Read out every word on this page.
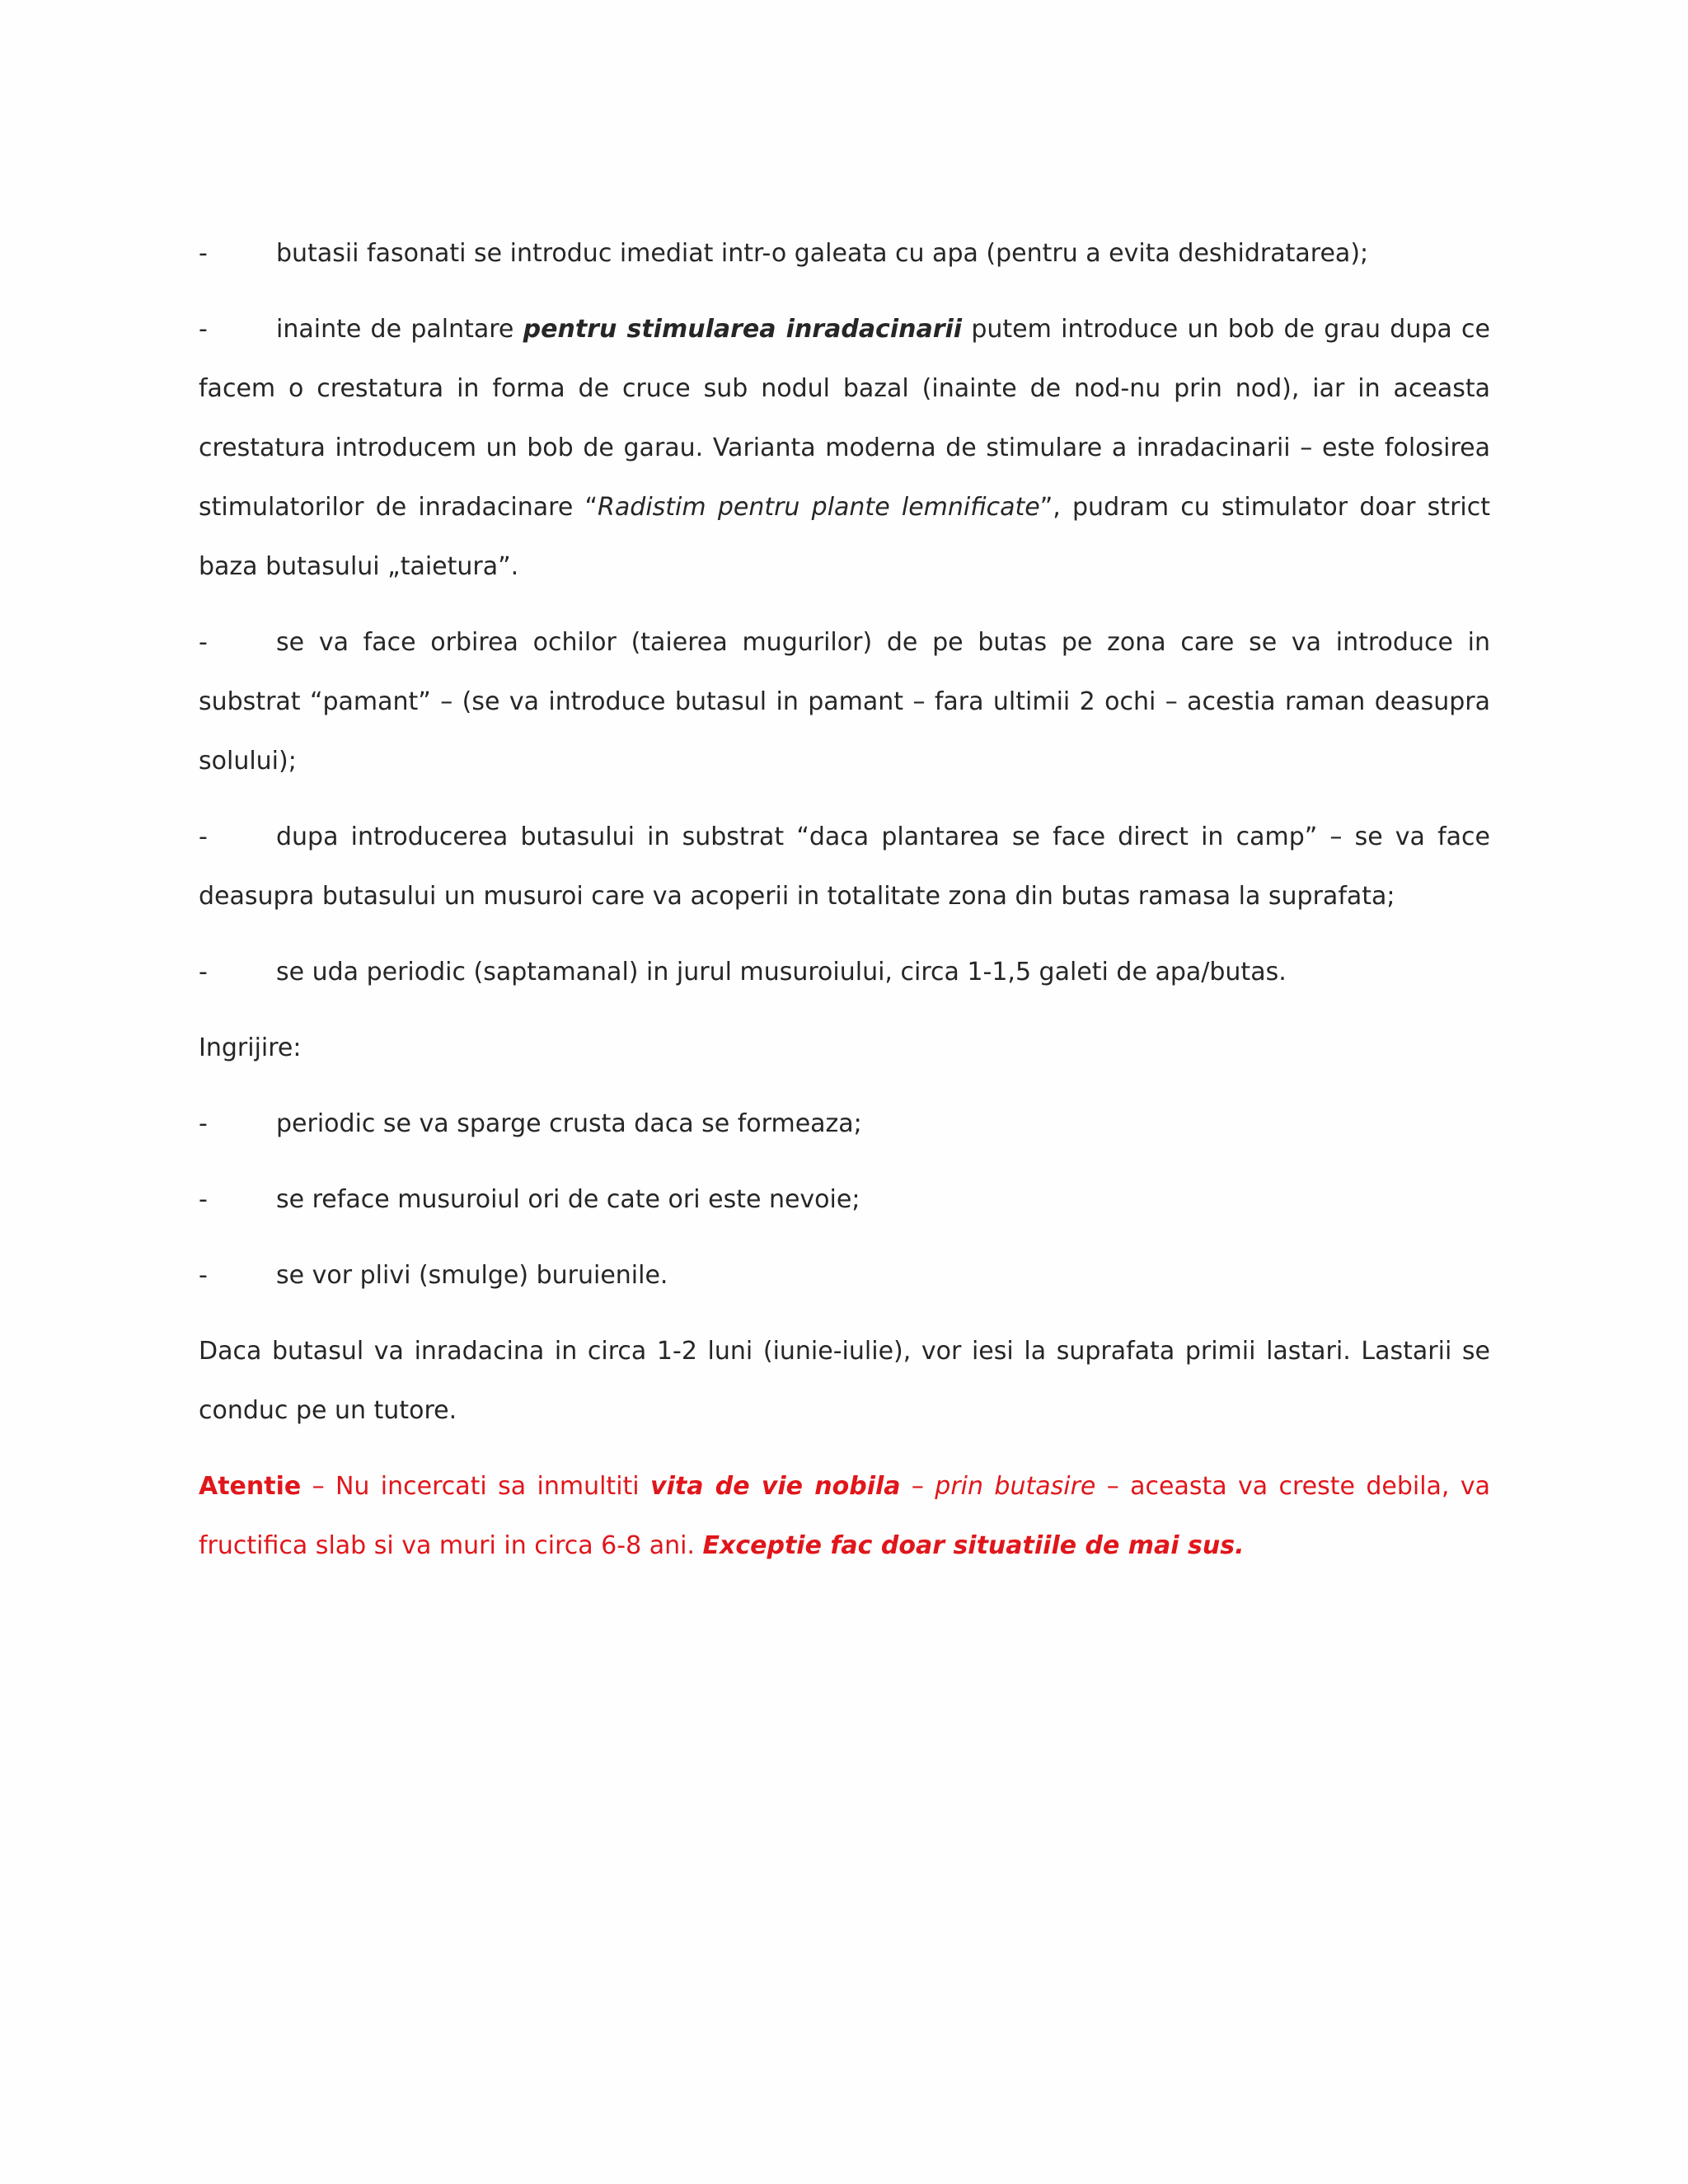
-	butasii fasonati se introduc imediat intr-o galeata cu apa (pentru a evita deshidratarea);
-	inainte de palntare pentru stimularea inradacinarii putem introduce un bob de grau dupa ce facem o crestatura in forma de cruce sub nodul bazal (inainte de nod-nu prin nod), iar in aceasta crestatura introducem un bob de garau. Varianta moderna de stimulare a inradacinarii – este folosirea stimulatorilor de inradacinare “Radistim pentru plante lemnificate”, pudram cu stimulator doar strict baza butasului „taietura”.
-	se va face orbirea ochilor (taierea mugurilor) de pe butas pe zona care se va introduce in substrat “pamant” – (se va introduce butasul in pamant – fara ultimii 2 ochi – acestia raman deasupra solului);
-	dupa introducerea butasului in substrat “daca plantarea se face direct in camp” – se va face deasupra butasului un musuroi care va acoperii in totalitate zona din butas ramasa la suprafata;
-	se uda periodic (saptamanal) in jurul musuroiului, circa 1-1,5 galeti de apa/butas.
Ingrijire:
-	periodic se va sparge crusta daca se formeaza;
-	se reface musuroiul ori de cate ori este nevoie;
-	se vor plivi (smulge) buruienile.
Daca butasul va inradacina in circa 1-2 luni (iunie-iulie), vor iesi la suprafata primii lastari. Lastarii se conduc pe un tutore.
Atentie – Nu incercati sa inmultiti vita de vie nobila – prin butasire – aceasta va creste debila, va fructifica slab si va muri in circa 6-8 ani. Exceptie fac doar situatiile de mai sus.
